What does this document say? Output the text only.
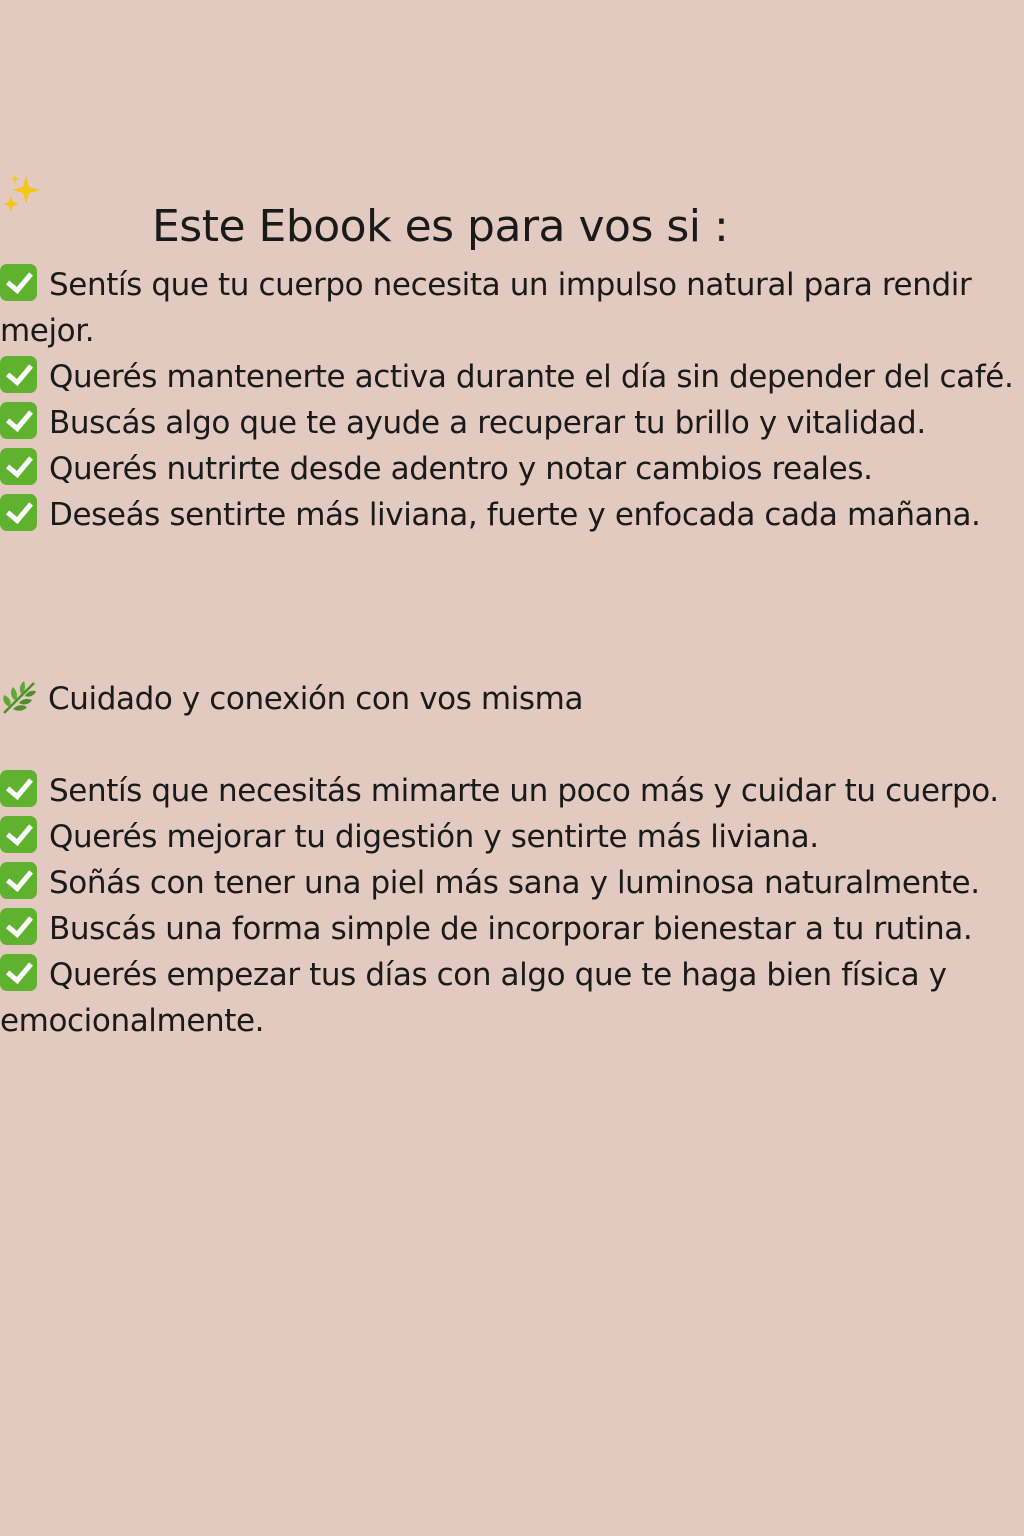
Este Ebook es para vos si :
Sentís que tu cuerpo necesita un impulso natural para rendir mejor.
Querés mantenerte activa durante el día sin depender del café.
Buscás algo que te ayude a recuperar tu brillo y vitalidad.
Querés nutrirte desde adentro y notar cambios reales.
Deseás sentirte más liviana, fuerte y enfocada cada mañana.
Cuidado y conexión con vos misma
Sentís que necesitás mimarte un poco más y cuidar tu cuerpo.
Querés mejorar tu digestión y sentirte más liviana.
Soñás con tener una piel más sana y luminosa naturalmente.
Buscás una forma simple de incorporar bienestar a tu rutina.
Querés empezar tus días con algo que te haga bien física y emocionalmente.
